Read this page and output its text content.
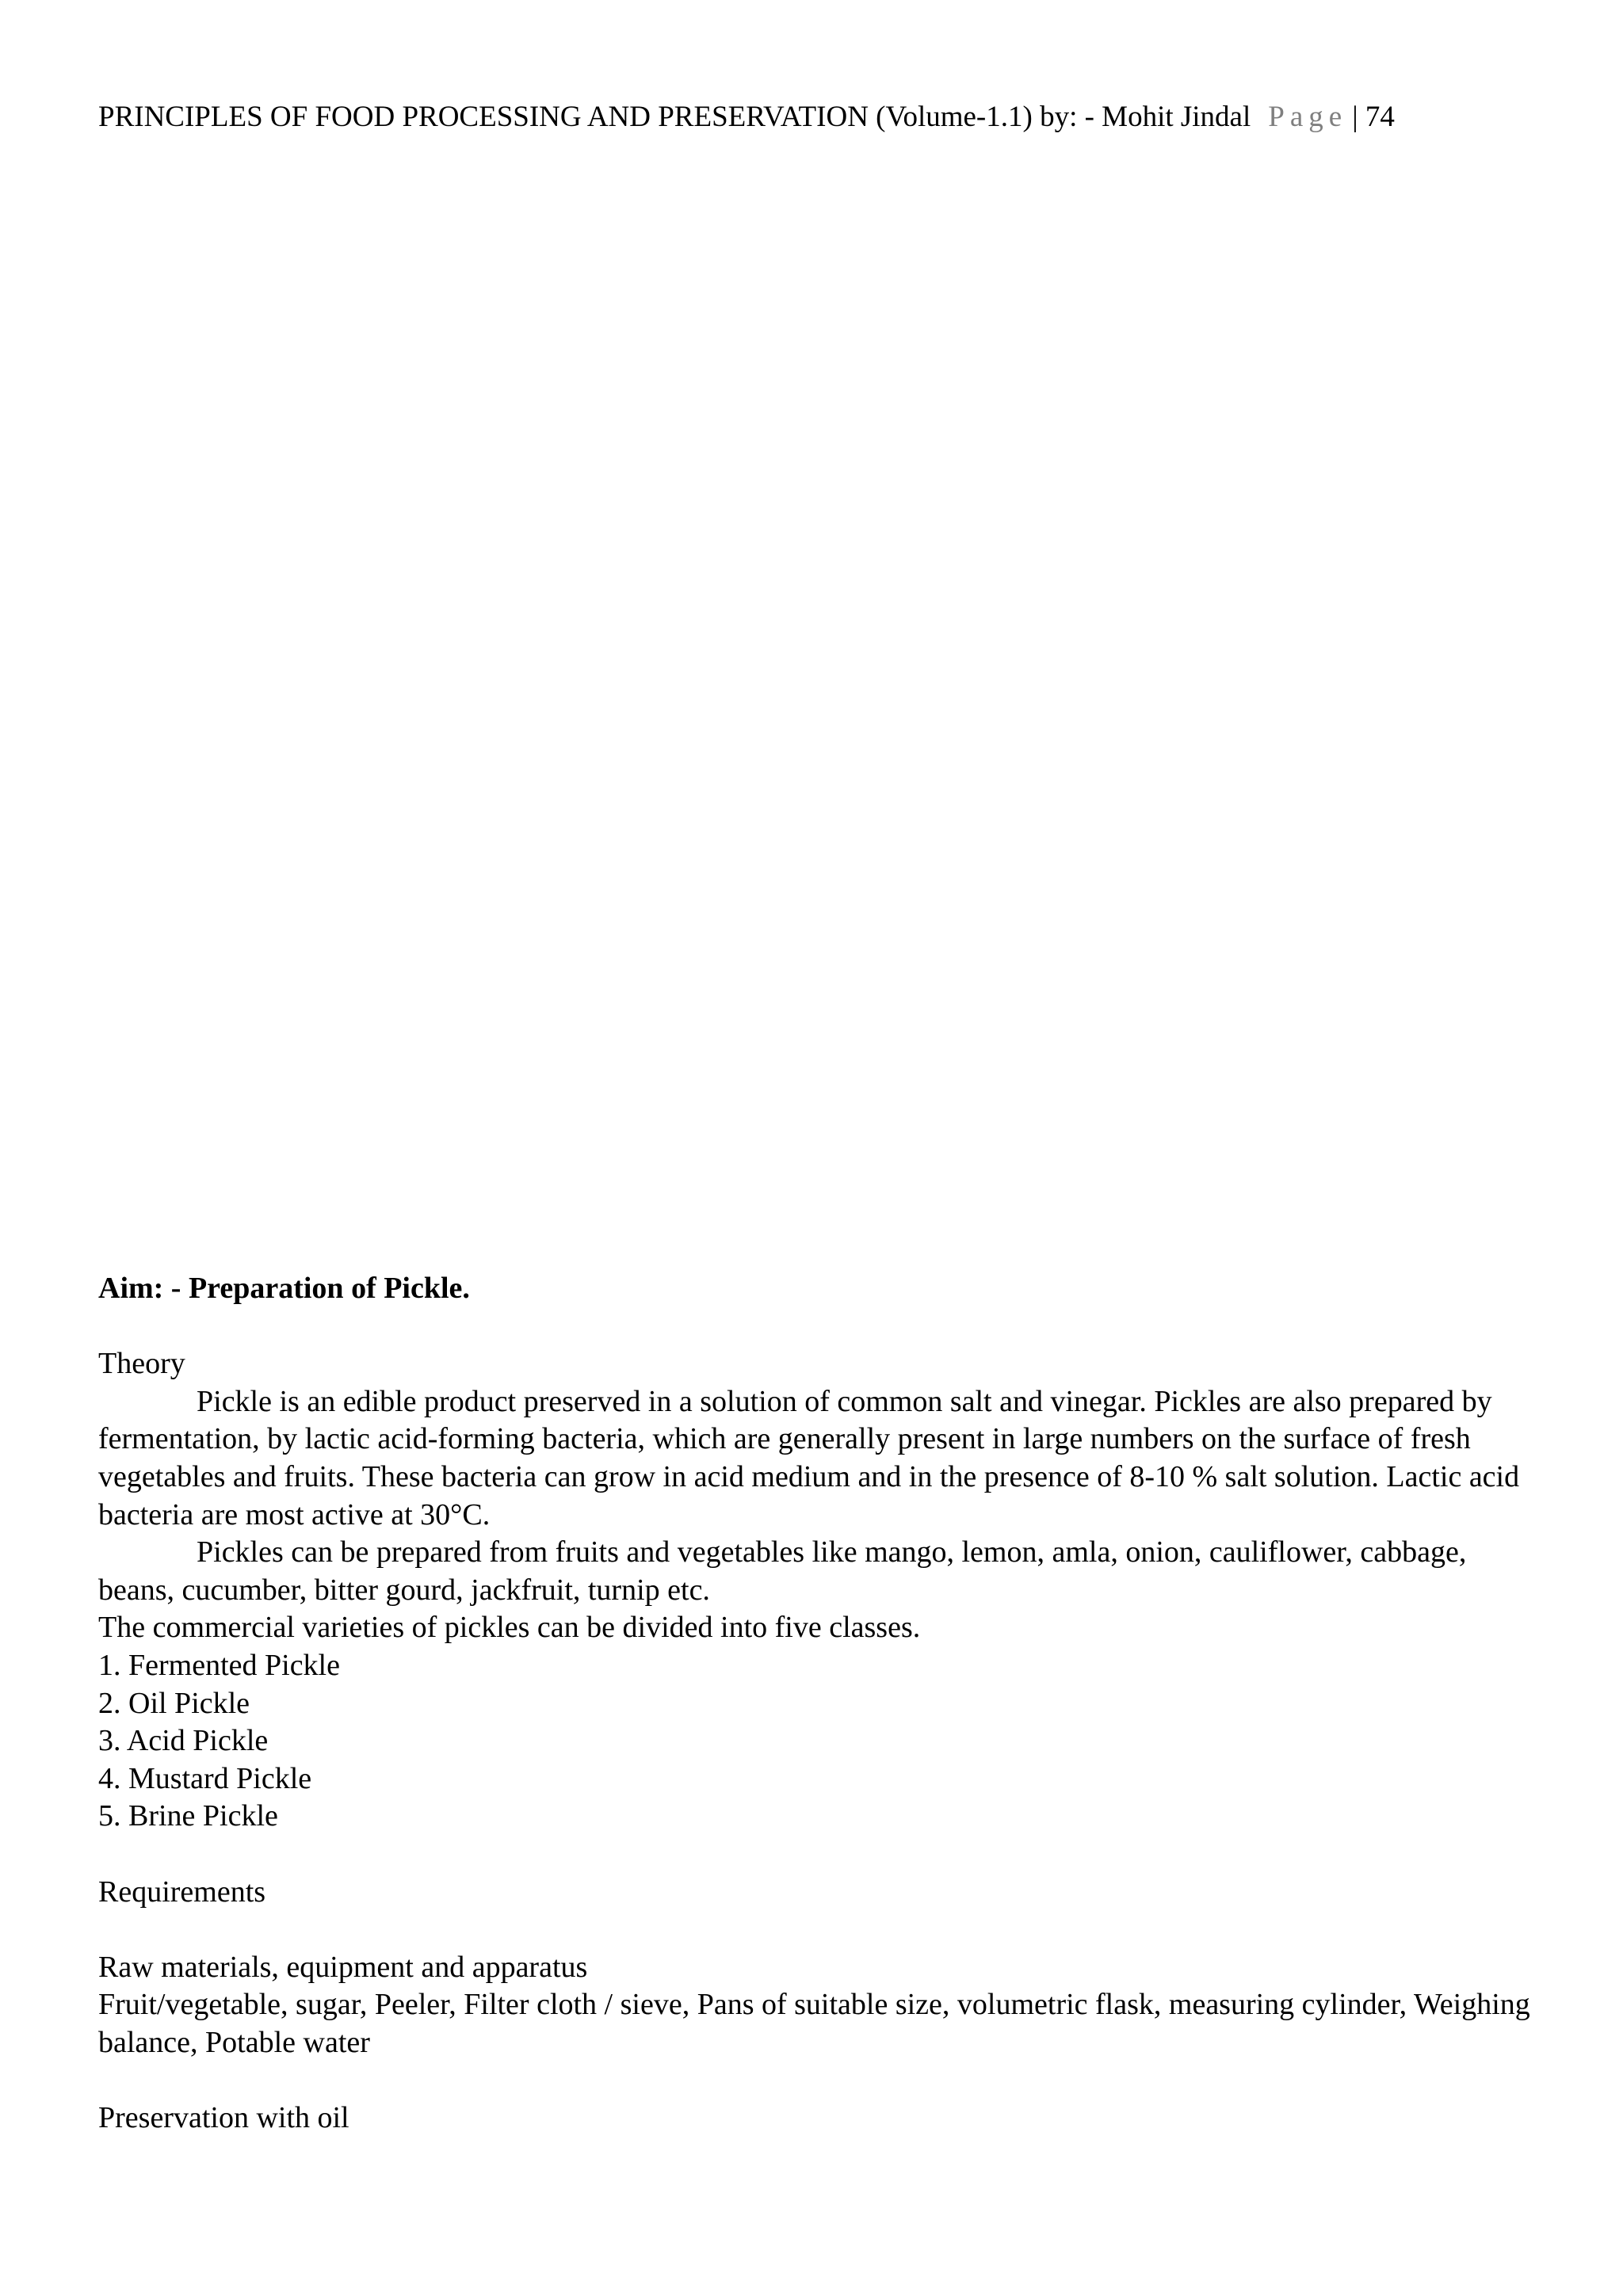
PRINCIPLES OF FOOD PROCESSING AND PRESERVATION (Volume-1.1) by: - Mohit Jindal Page | 74

Aim: - Preparation of Pickle.

Theory

Pickle is an edible product preserved in a solution of common salt and vinegar. Pickles are also prepared by fermentation, by lactic acid-forming bacteria, which are generally present in large numbers on the surface of fresh vegetables and fruits. These bacteria can grow in acid medium and in the presence of 8-10 % salt solution. Lactic acid bacteria are most active at 30°C.

Pickles can be prepared from fruits and vegetables like mango, lemon, amla, onion, cauliflower, cabbage, beans, cucumber, bitter gourd, jackfruit, turnip etc.

The commercial varieties of pickles can be divided into five classes.

1. Fermented Pickle
2. Oil Pickle
3. Acid Pickle
4. Mustard Pickle
5. Brine Pickle

Requirements

Raw materials, equipment and apparatus

Fruit/vegetable, sugar, Peeler, Filter cloth / sieve, Pans of suitable size, volumetric flask, measuring cylinder, Weighing balance, Potable water

Preservation with oil
